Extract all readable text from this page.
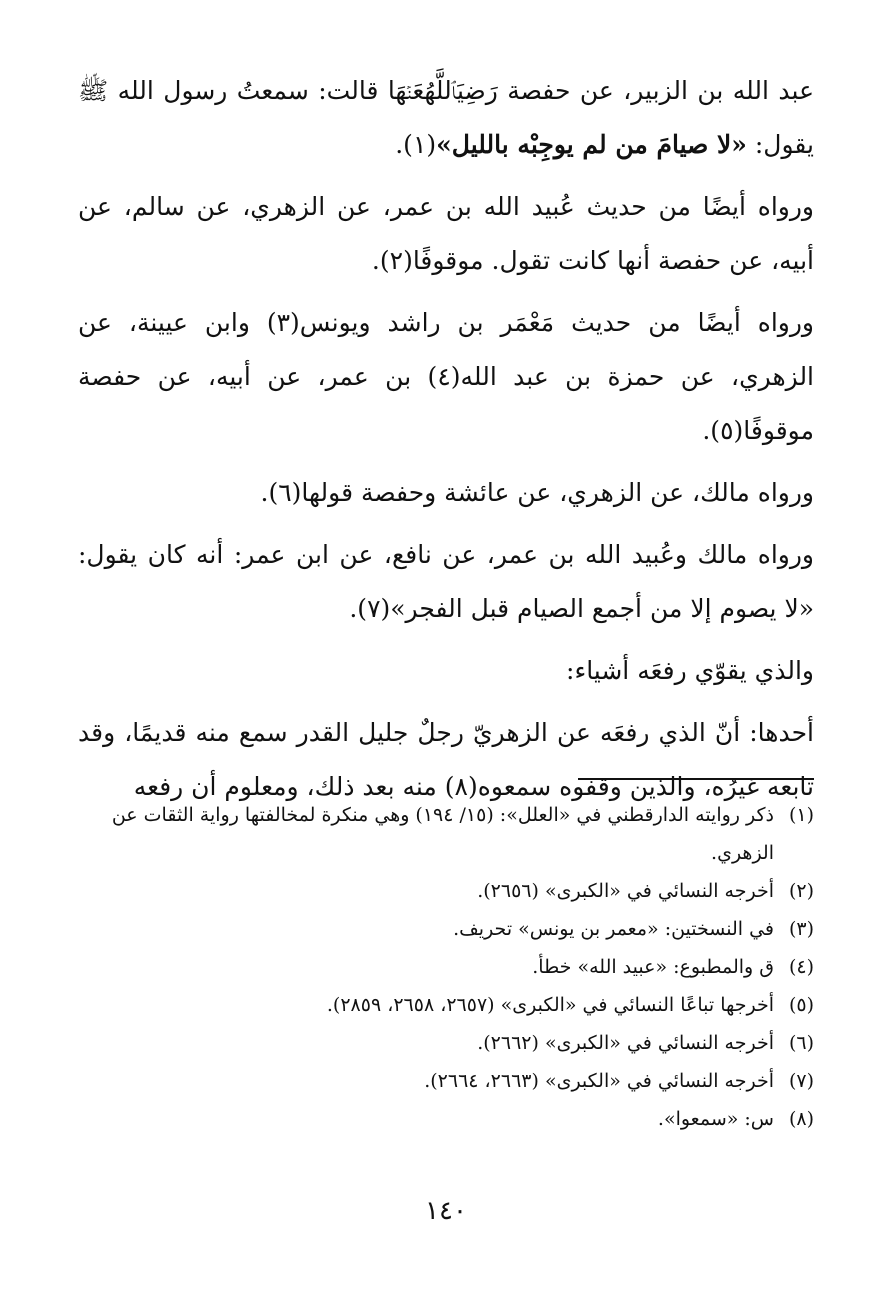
عبد الله بن الزبير، عن حفصة رَضِيَٱللَّهُعَنۡهَا قالت: سمعتُ رسول الله ﷺ يقول: «لا صيامَ من لم يوجِبْه بالليل»(١).

ورواه أيضًا من حديث عُبيد الله بن عمر، عن الزهري، عن سالم، عن أبيه، عن حفصة أنها كانت تقول. موقوفًا(٢).

ورواه أيضًا من حديث مَعْمَر بن راشد ويونس(٣) وابن عيينة، عن الزهري، عن حمزة بن عبد الله(٤) بن عمر، عن أبيه، عن حفصة موقوفًا(٥).

ورواه مالك، عن الزهري، عن عائشة وحفصة قولها(٦).

ورواه مالك وعُبيد الله بن عمر، عن نافع، عن ابن عمر: أنه كان يقول: «لا يصوم إلا من أجمع الصيام قبل الفجر»(٧).

والذي يقوّي رفعَه أشياء:

أحدها: أنّ الذي رفعَه عن الزهريّ رجلٌ جليل القدر سمع منه قديمًا، وقد تابعه غيرُه، والذين وقفوه سمعوه(٨) منه بعد ذلك، ومعلوم أن رفعه

(١)
ذكر روايته الدارقطني في «العلل»: (١٥/ ١٩٤) وهي منكرة لمخالفتها رواية الثقات عن الزهري.
(٢)
أخرجه النسائي في «الكبرى» (٢٦٥٦).
(٣)
في النسختين: «معمر بن يونس» تحريف.
(٤)
ق والمطبوع: «عبيد الله» خطأ.
(٥)
أخرجها تباعًا النسائي في «الكبرى» (٢٦٥٧، ٢٦٥٨، ٢٨٥٩).
(٦)
أخرجه النسائي في «الكبرى» (٢٦٦٢).
(٧)
أخرجه النسائي في «الكبرى» (٢٦٦٣، ٢٦٦٤).
(٨)
س: «سمعوا».
١٤٠
